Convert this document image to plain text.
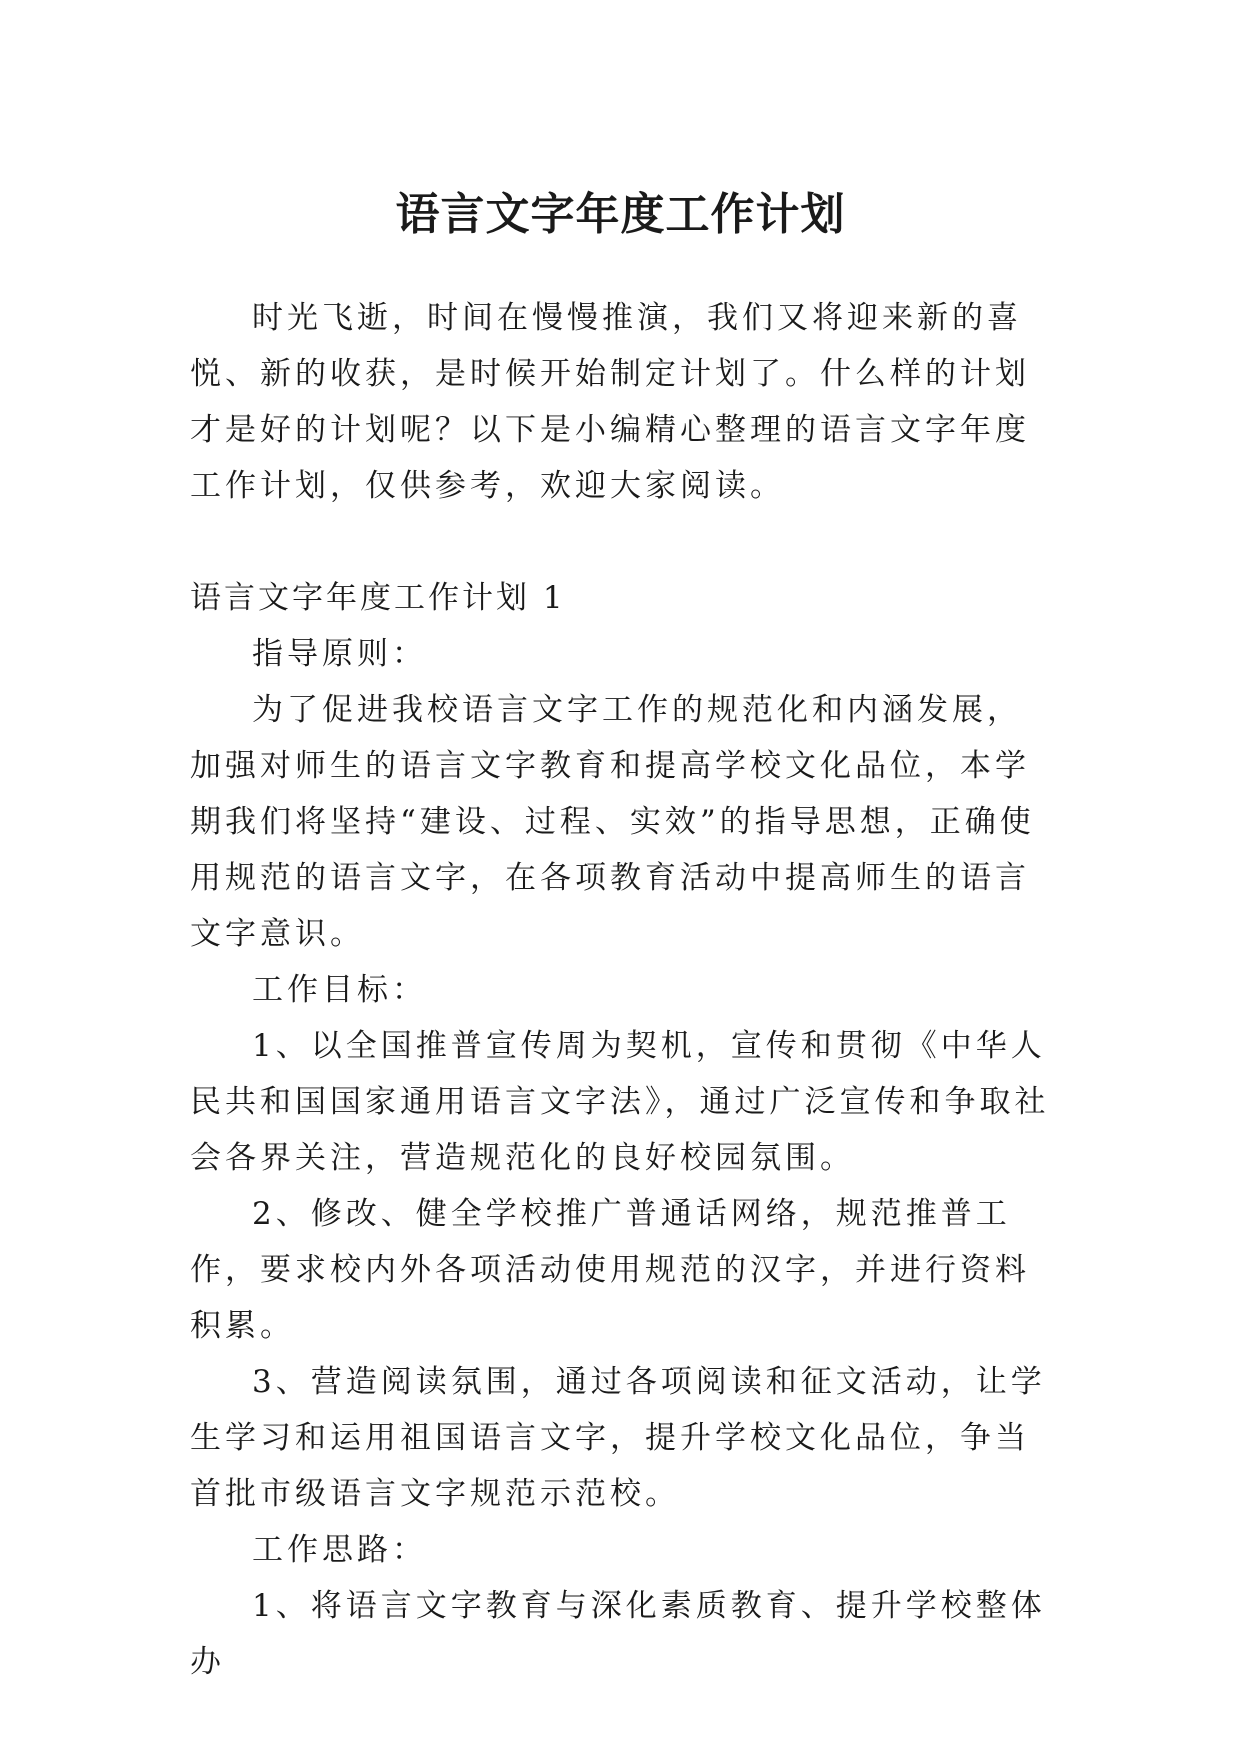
语言文字年度工作计划

时光飞逝，时间在慢慢推演，我们又将迎来新的喜悦、新的收获，是时候开始制定计划了。什么样的计划才是好的计划呢？以下是小编精心整理的语言文字年度工作计划，仅供参考，欢迎大家阅读。

语言文字年度工作计划 1

指导原则：

为了促进我校语言文字工作的规范化和内涵发展，加强对师生的语言文字教育和提高学校文化品位，本学期我们将坚持“建设、过程、实效”的指导思想，正确使用规范的语言文字，在各项教育活动中提高师生的语言文字意识。

工作目标：

1、以全国推普宣传周为契机，宣传和贯彻《中华人民共和国国家通用语言文字法》，通过广泛宣传和争取社会各界关注，营造规范化的良好校园氛围。

2、修改、健全学校推广普通话网络，规范推普工作，要求校内外各项活动使用规范的汉字，并进行资料积累。

3、营造阅读氛围，通过各项阅读和征文活动，让学生学习和运用祖国语言文字，提升学校文化品位，争当首批市级语言文字规范示范校。

工作思路：

1、将语言文字教育与深化素质教育、提升学校整体办
